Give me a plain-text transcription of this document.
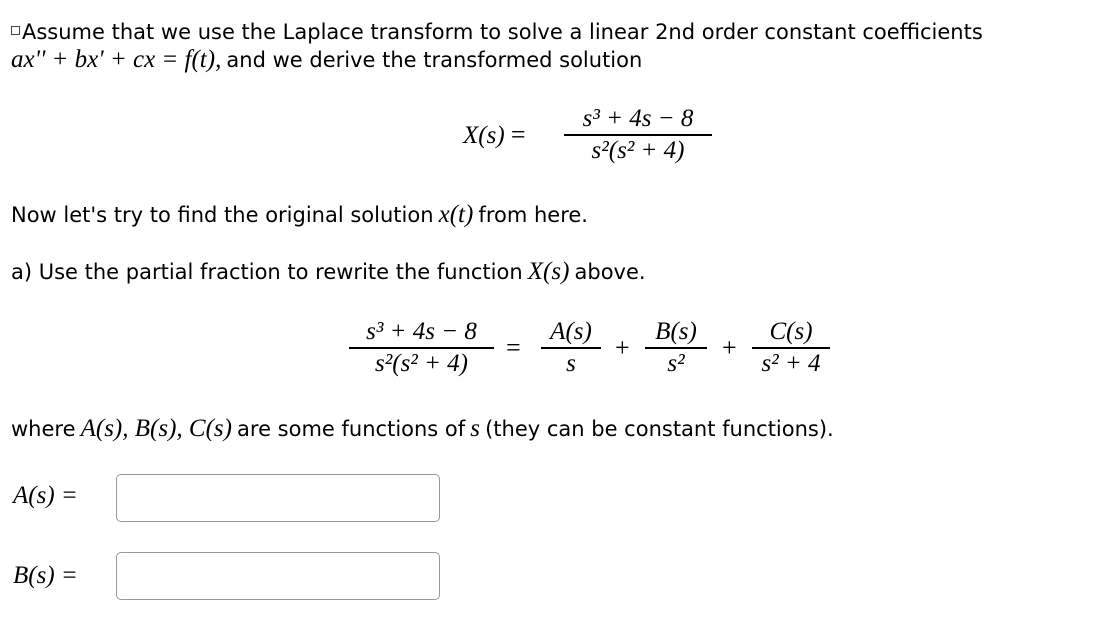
Assume that we use the Laplace transform to solve a linear 2nd order constant coefficients
ax'' + bx' + cx = f(t), and we derive the transformed solution
X(s) =
s³ + 4s − 8
s²(s² + 4)
Now let's try to find the original solution x(t) from here.
a) Use the partial fraction to rewrite the function X(s) above.
s³ + 4s − 8
s²(s² + 4)
=
A(s)
s
+
B(s)
s²
+
C(s)
s² + 4
where A(s), B(s), C(s) are some functions of s (they can be constant functions).
A(s) =
B(s) =
